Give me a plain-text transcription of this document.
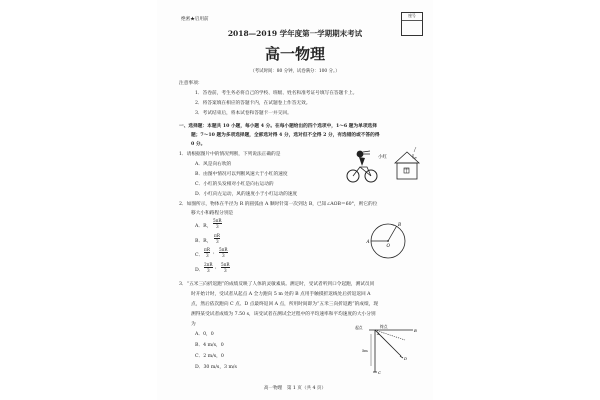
绝密★启用前
座号
2018—2019 学年度第一学期期末考试
高一物理
（考试时间：80 分钟，试卷满分：100 分。）
注意事项：
1．答卷前，考生务必将自己的学校、班级、姓名和准考证号填写在答题卡上。
2．将答案填在相应的答题卡内，在试题卷上作答无效。
3．考试结束后，将本试卷和答题卡一并交回。
一、选择题：本题共 10 小题，每小题 4 分。在每小题给出的四个选项中，1～6 题为单项选择
题；7～10 题为多项选择题，全部选对得 4 分，选对但不全得 2 分，有选错的或不答的得
0 分。
1．请根据图片中的情况判断，下列说法正确的是
A．风是向右吹的
B．由图中情况可以判断风速大于小红的速度
C．小红的头发相对小红是向右运动的
D．小红向左运动，风的速度小于小红运动的速度
小红
2．如图所示，物体在半径为 R 的圆弧由 A 顺时针第一次到达 B，已知∠AOB＝60°，则它的位
移大小和路程分别是
A．R，
5πR
3
B．R，
πR
3
C．
πR
3
，
5πR
3
D．
2πR
3
，
5πR
3
A
O
B
3．“五米三向折返跑”的成绩反映了人体的灵敏素质。测定时，受试者听到口令起跑，测试员同
时开始计时，受试者从起点 A 全力跑向 5 m 处的 B 点用手触摸折返线处后折返返回 A
点，然后依次跑向 C 点、D 点最终返回 A 点，所用时间即为“五米三向折返跑”的成绩，现
测得某受试者成绩为 7.50 s，该受试者在测试全过程中的平均速率和平均速度的大小分别
为
A．0，0
B．4 m/s，0
C．2 m/s，0
D．30 m/s，3 m/s
起点	终点
A
B
D
C
5m
高一物理　第 1 页（共 4 页）
